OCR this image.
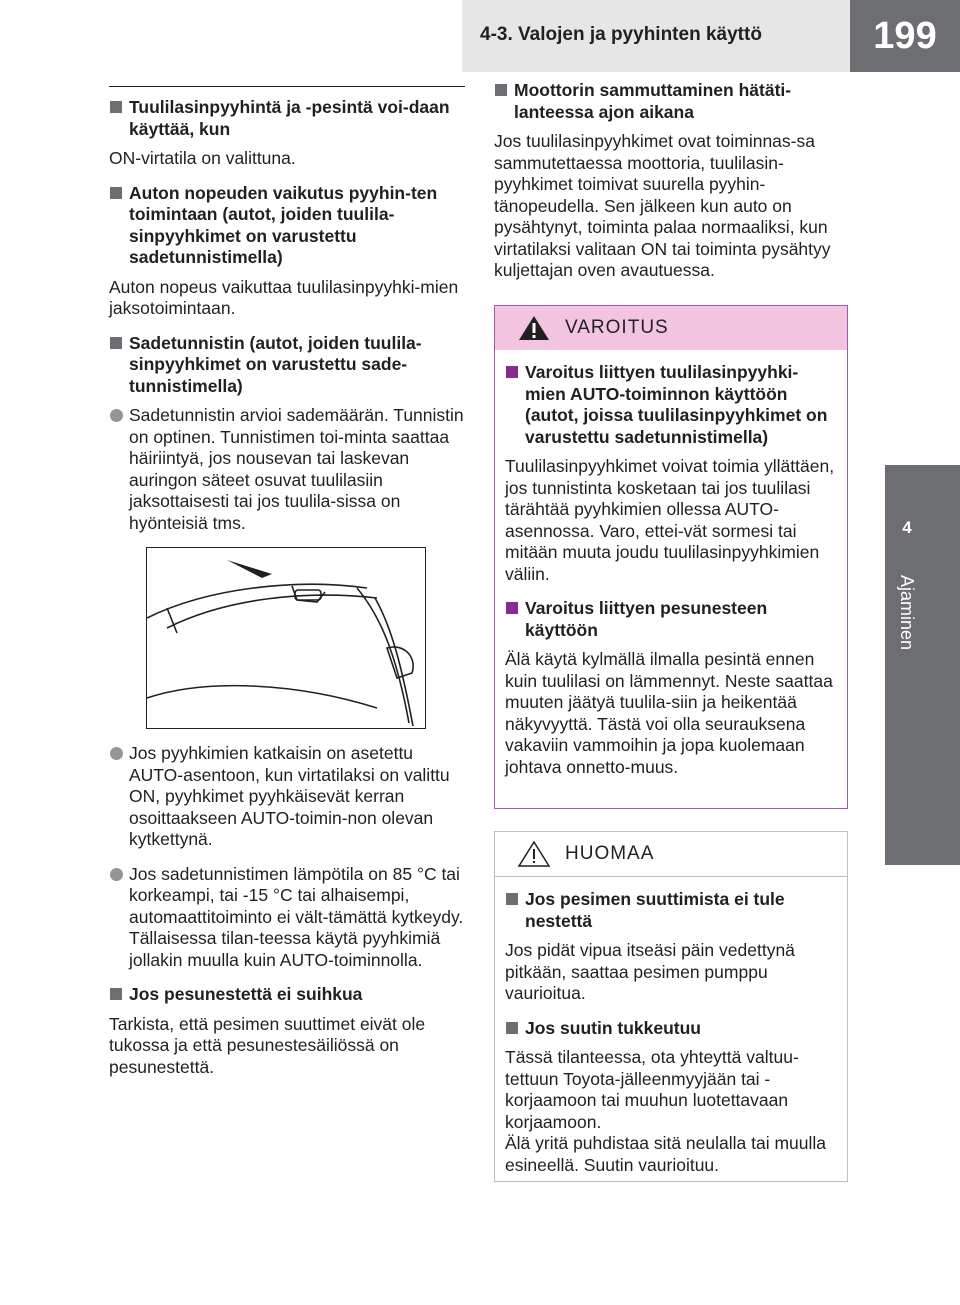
4-3. Valojen ja pyyhinten käyttö	199
4
Ajaminen
Tuulilasinpyyhintä ja -pesintä voi-daan käyttää, kun
ON-virtatila on valittuna.
Auton nopeuden vaikutus pyyhin-ten toimintaan (autot, joiden tuulila-sinpyyhkimet on varustettu sadetunnistimella)
Auton nopeus vaikuttaa tuulilasinpyyhki-mien jaksotoimintaan.
Sadetunnistin (autot, joiden tuulila-sinpyyhkimet on varustettu sade-tunnistimella)
Sadetunnistin arvioi sademäärän. Tunnistin on optinen. Tunnistimen toi-minta saattaa häiriintyä, jos nousevan tai laskevan auringon säteet osuvat tuulilasiin jaksottaisesti tai jos tuulila-sissa on hyönteisiä tms.
Jos pyyhkimien katkaisin on asetettu AUTO-asentoon, kun virtatilaksi on valittu ON, pyyhkimet pyyhkäisevät kerran osoittaakseen AUTO-toimin-non olevan kytkettynä.
Jos sadetunnistimen lämpötila on 85 °C tai korkeampi, tai -15 °C tai alhaisempi, automaattitoiminto ei vält-tämättä kytkeydy. Tällaisessa tilan-teessa käytä pyyhkimiä jollakin muulla kuin AUTO-toiminnolla.
Jos pesunestettä ei suihkua
Tarkista, että pesimen suuttimet eivät ole tukossa ja että pesunestesäiliössä on pesunestettä.
Moottorin sammuttaminen hätäti-lanteessa ajon aikana
Jos tuulilasinpyyhkimet ovat toiminnas-sa sammutettaessa moottoria, tuulilasin-pyyhkimet toimivat suurella pyyhin-tänopeudella. Sen jälkeen kun auto on pysähtynyt, toiminta palaa normaaliksi, kun virtatilaksi valitaan ON tai toiminta pysähtyy kuljettajan oven avautuessa.
VAROITUS
Varoitus liittyen tuulilasinpyyhki-mien AUTO-toiminnon käyttöön (autot, joissa tuulilasinpyyhkimet on varustettu sadetunnistimella)
Tuulilasinpyyhkimet voivat toimia yllättäen, jos tunnistinta kosketaan tai jos tuulilasi tärähtää pyyhkimien ollessa AUTO-asennossa. Varo, ettei-vät sormesi tai mitään muuta joudu tuulilasinpyyhkimien väliin.
Varoitus liittyen pesunesteen käyttöön
Älä käytä kylmällä ilmalla pesintä ennen kuin tuulilasi on lämmennyt. Neste saattaa muuten jäätyä tuulila-siin ja heikentää näkyvyyttä. Tästä voi olla seurauksena vakaviin vammoihin ja jopa kuolemaan johtava onnetto-muus.
HUOMAA
Jos pesimen suuttimista ei tule nestettä
Jos pidät vipua itseäsi päin vedettynä pitkään, saattaa pesimen pumppu vaurioitua.
Jos suutin tukkeutuu
Tässä tilanteessa, ota yhteyttä valtuu-tettuun Toyota-jälleenmyyjään tai -korjaamoon tai muuhun luotettavaan korjaamoon.
Älä yritä puhdistaa sitä neulalla tai muulla esineellä. Suutin vaurioituu.
